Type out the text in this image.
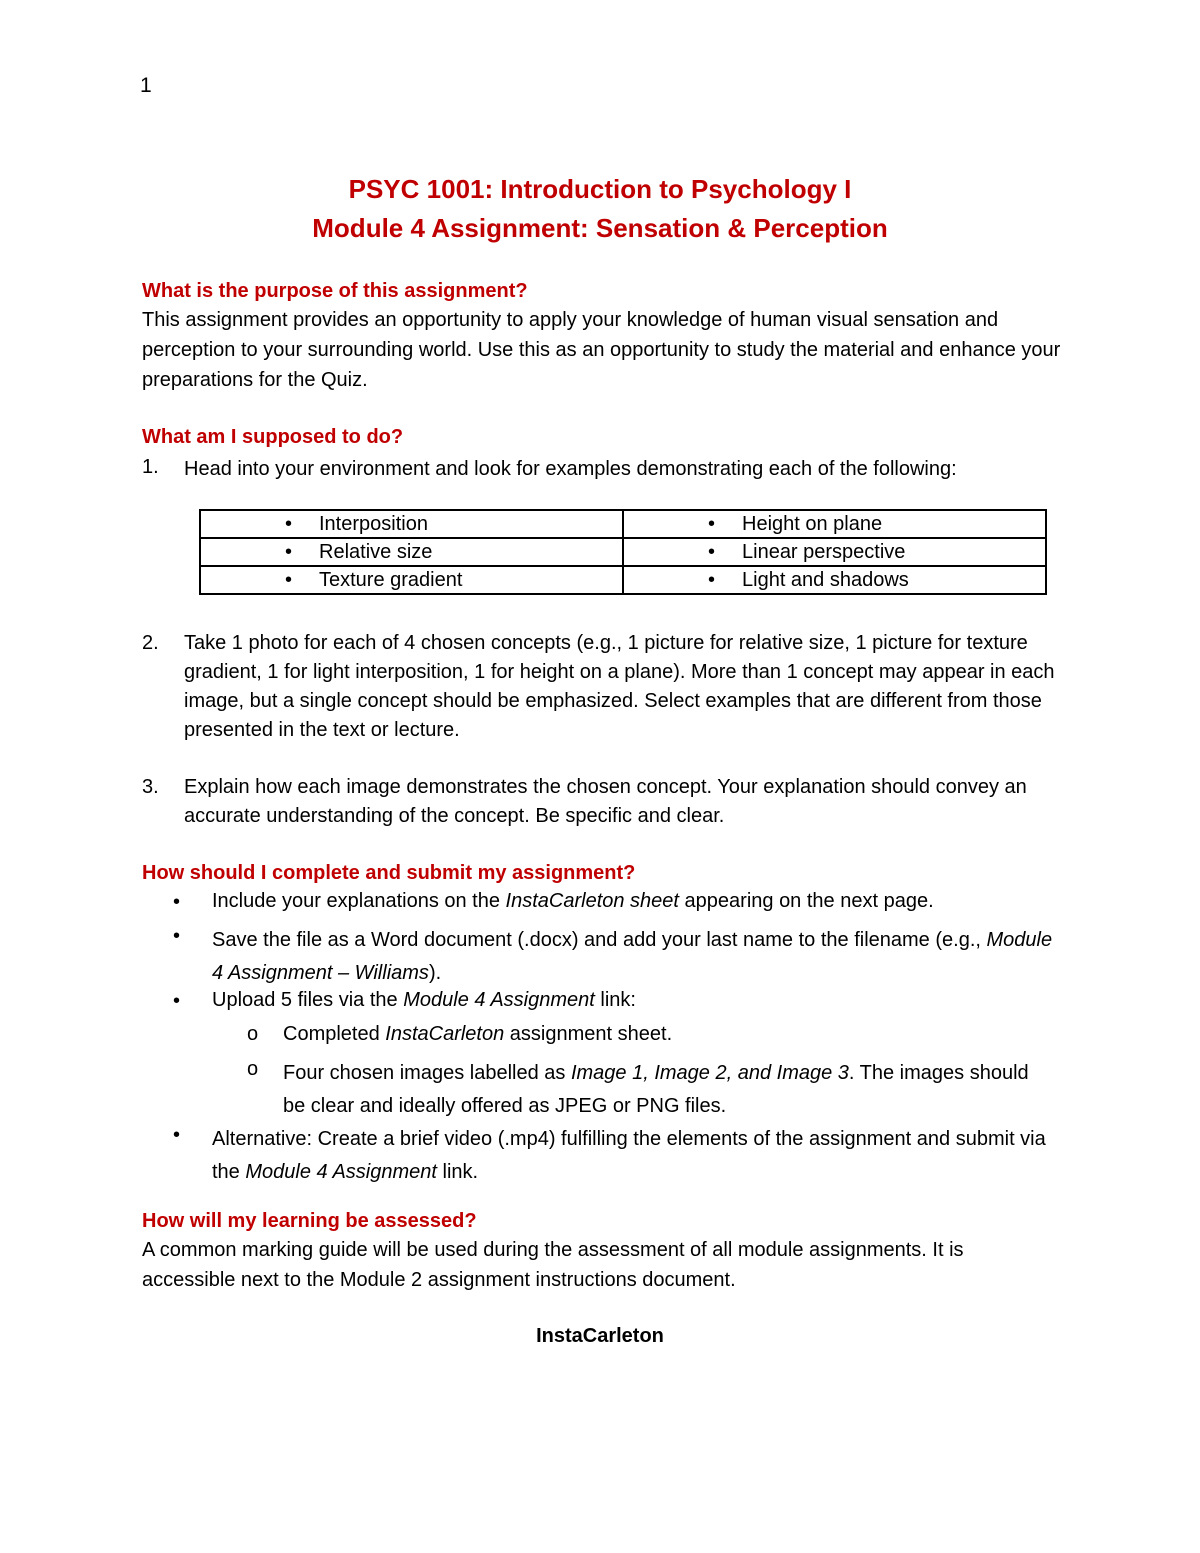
1
PSYC 1001: Introduction to Psychology I
Module 4 Assignment: Sensation & Perception
What is the purpose of this assignment?
This assignment provides an opportunity to apply your knowledge of human visual sensation and perception to your surrounding world. Use this as an opportunity to study the material and enhance your preparations for the Quiz.
What am I supposed to do?
1. Head into your environment and look for examples demonstrating each of the following:
• Interposition	• Height on plane

• Relative size	• Linear perspective

• Texture gradient	• Light and shadows
2. Take 1 photo for each of 4 chosen concepts (e.g., 1 picture for relative size, 1 picture for texture gradient, 1 for light interposition, 1 for height on a plane). More than 1 concept may appear in each image, but a single concept should be emphasized. Select examples that are different from those presented in the text or lecture.
3. Explain how each image demonstrates the chosen concept. Your explanation should convey an accurate understanding of the concept. Be specific and clear.
How should I complete and submit my assignment?
• Include your explanations on the InstaCarleton sheet appearing on the next page.
• Save the file as a Word document (.docx) and add your last name to the filename (e.g., Module 4 Assignment – Williams).
• Upload 5 files via the Module 4 Assignment link:
o Completed InstaCarleton assignment sheet.
o Four chosen images labelled as Image 1, Image 2, and Image 3. The images should be clear and ideally offered as JPEG or PNG files.
• Alternative: Create a brief video (.mp4) fulfilling the elements of the assignment and submit via the Module 4 Assignment link.
How will my learning be assessed?
A common marking guide will be used during the assessment of all module assignments. It is accessible next to the Module 2 assignment instructions document.
InstaCarleton
